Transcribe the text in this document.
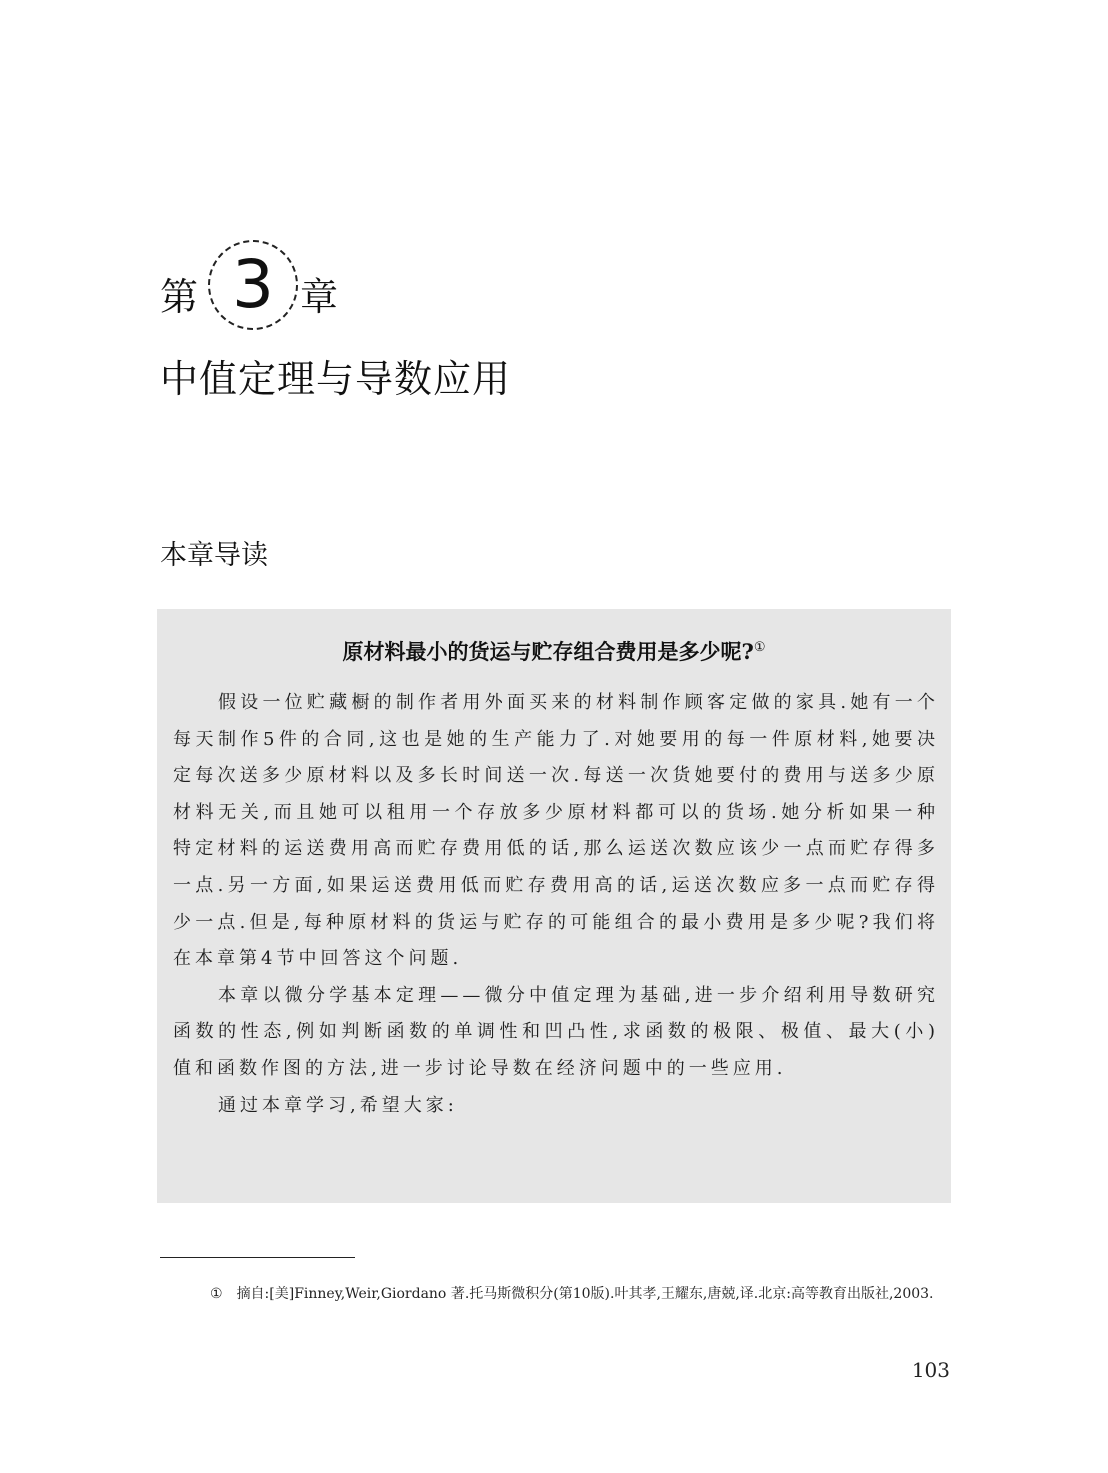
第 3 章
中值定理与导数应用
本章导读
原材料最小的货运与贮存组合费用是多少呢?①

假设一位贮藏橱的制作者用外面买来的材料制作顾客定做的家具.她有一个每天制作5件的合同,这也是她的生产能力了.对她要用的每一件原材料,她要决定每次送多少原材料以及多长时间送一次.每送一次货她要付的费用与送多少原材料无关,而且她可以租用一个存放多少原材料都可以的货场.她分析如果一种特定材料的运送费用高而贮存费用低的话,那么运送次数应该少一点而贮存得多一点.另一方面,如果运送费用低而贮存费用高的话,运送次数应多一点而贮存得少一点.但是,每种原材料的货运与贮存的可能组合的最小费用是多少呢?我们将在本章第4节中回答这个问题.

本章以微分学基本定理——微分中值定理为基础,进一步介绍利用导数研究函数的性态,例如判断函数的单调性和凹凸性,求函数的极限、极值、最大(小)值和函数作图的方法,进一步讨论导数在经济问题中的一些应用.

通过本章学习,希望大家:

① 摘自:[美]Finney,Weir,Giordano 著.托马斯微积分(第10版).叶其孝,王耀东,唐兢,译.北京:高等教育出版社,2003.
103
